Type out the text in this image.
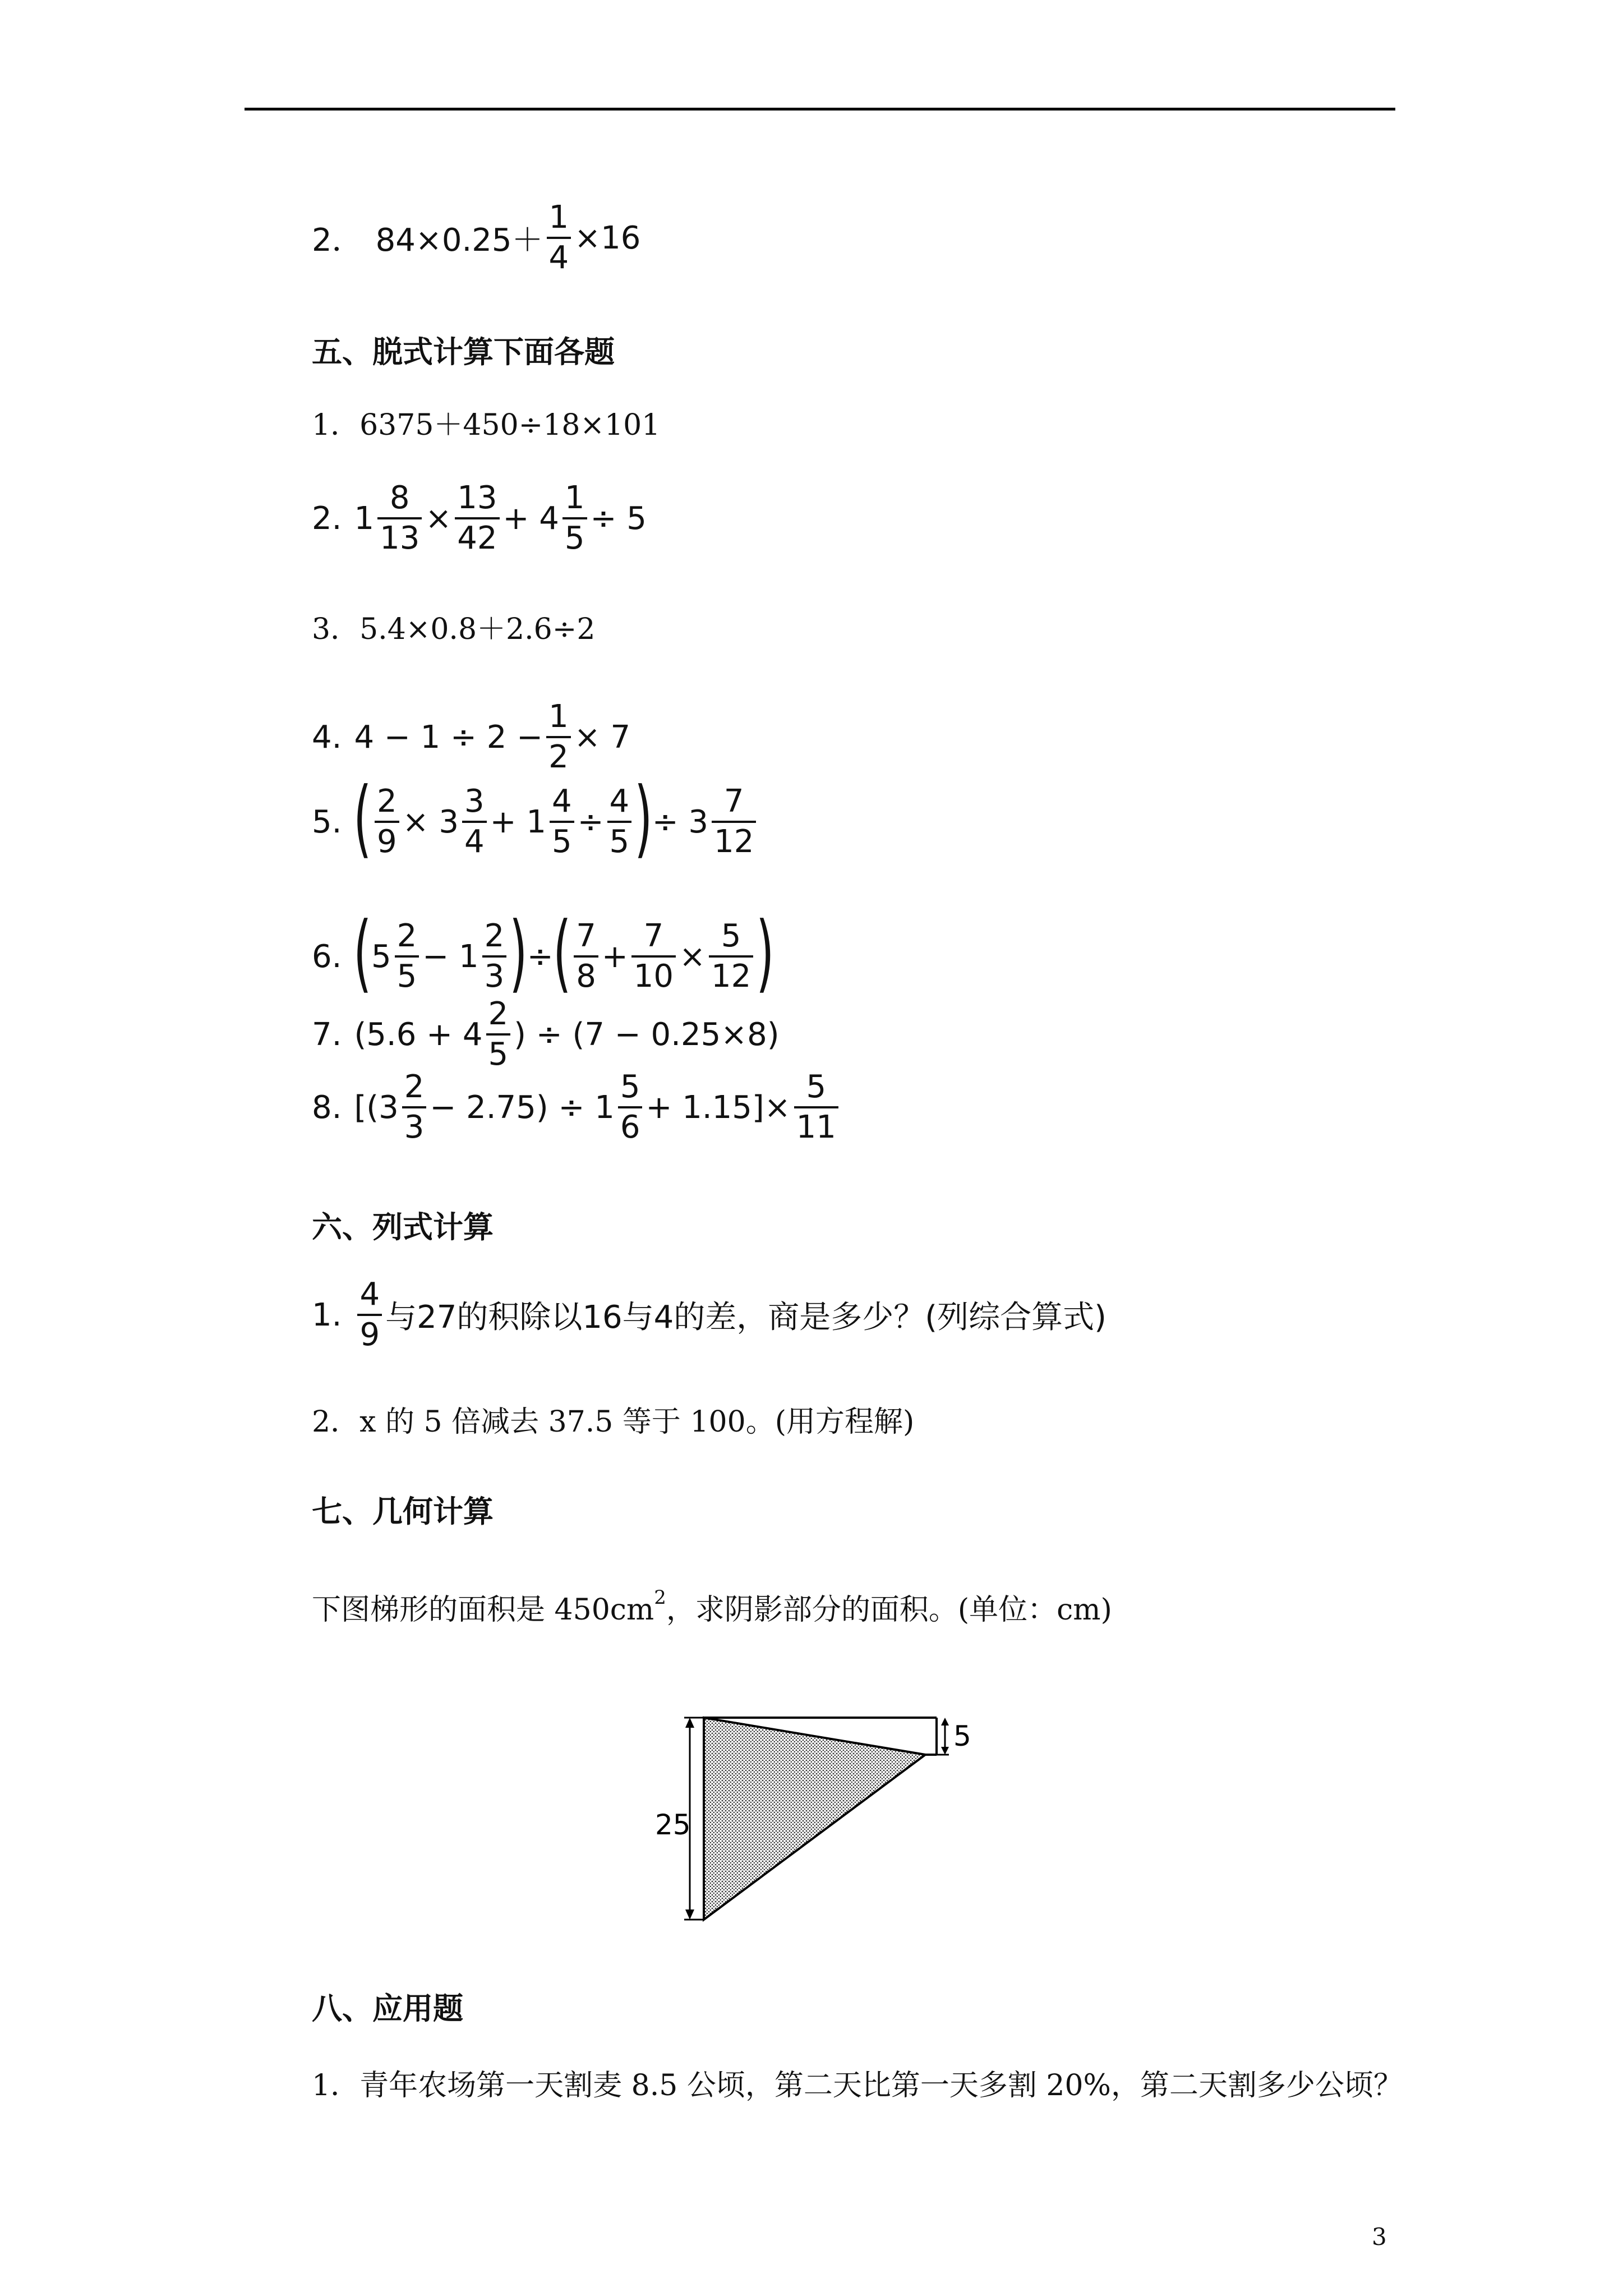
2． $84\times 0.25+ \frac{1}{4} \times 16$
五、脱式计算下面各题
1．6375＋450÷18×101
2. $1 \frac{8}{13} \times \frac{13}{42} + 4 \frac{1}{5} \div 5$
3．5.4×0.8＋2.6÷2
4. $4 - 1 \div 2 - \frac{1}{2} \times 7$
5. ( $\frac{2}{9} \times 3 \frac{3}{4} + 1 \frac{4}{5} \div \frac{4}{5}$ ) ÷ $3 \frac{7}{12}$
6. ( $5 \frac{2}{5} - 1 \frac{2}{3}$ ) ÷ ( $\frac{7}{8} + \frac{7}{10} \times \frac{5}{12}$ )
7. ($5.6 + 4 \frac{2}{5}$ ) ÷ (7 − 0.25×8)
8. $[(3 \frac{2}{3} - 2.75) \div 1 \frac{5}{6} + 1.15]\times \frac{5}{11}$
六、列式计算
1. $\frac{4}{9}$ 与27的积除以16与4的差，商是多少？(列综合算式)
2．x 的 5 倍减去 37.5 等于 100。(用方程解)
七、几何计算
下图梯形的面积是 $450cm^2$，求阴影部分的面积。(单位：cm)
25
5
八、应用题
1．青年农场第一天割麦 8.5 公顷，第二天比第一天多割 20%，第二天割多少公顷？
3
